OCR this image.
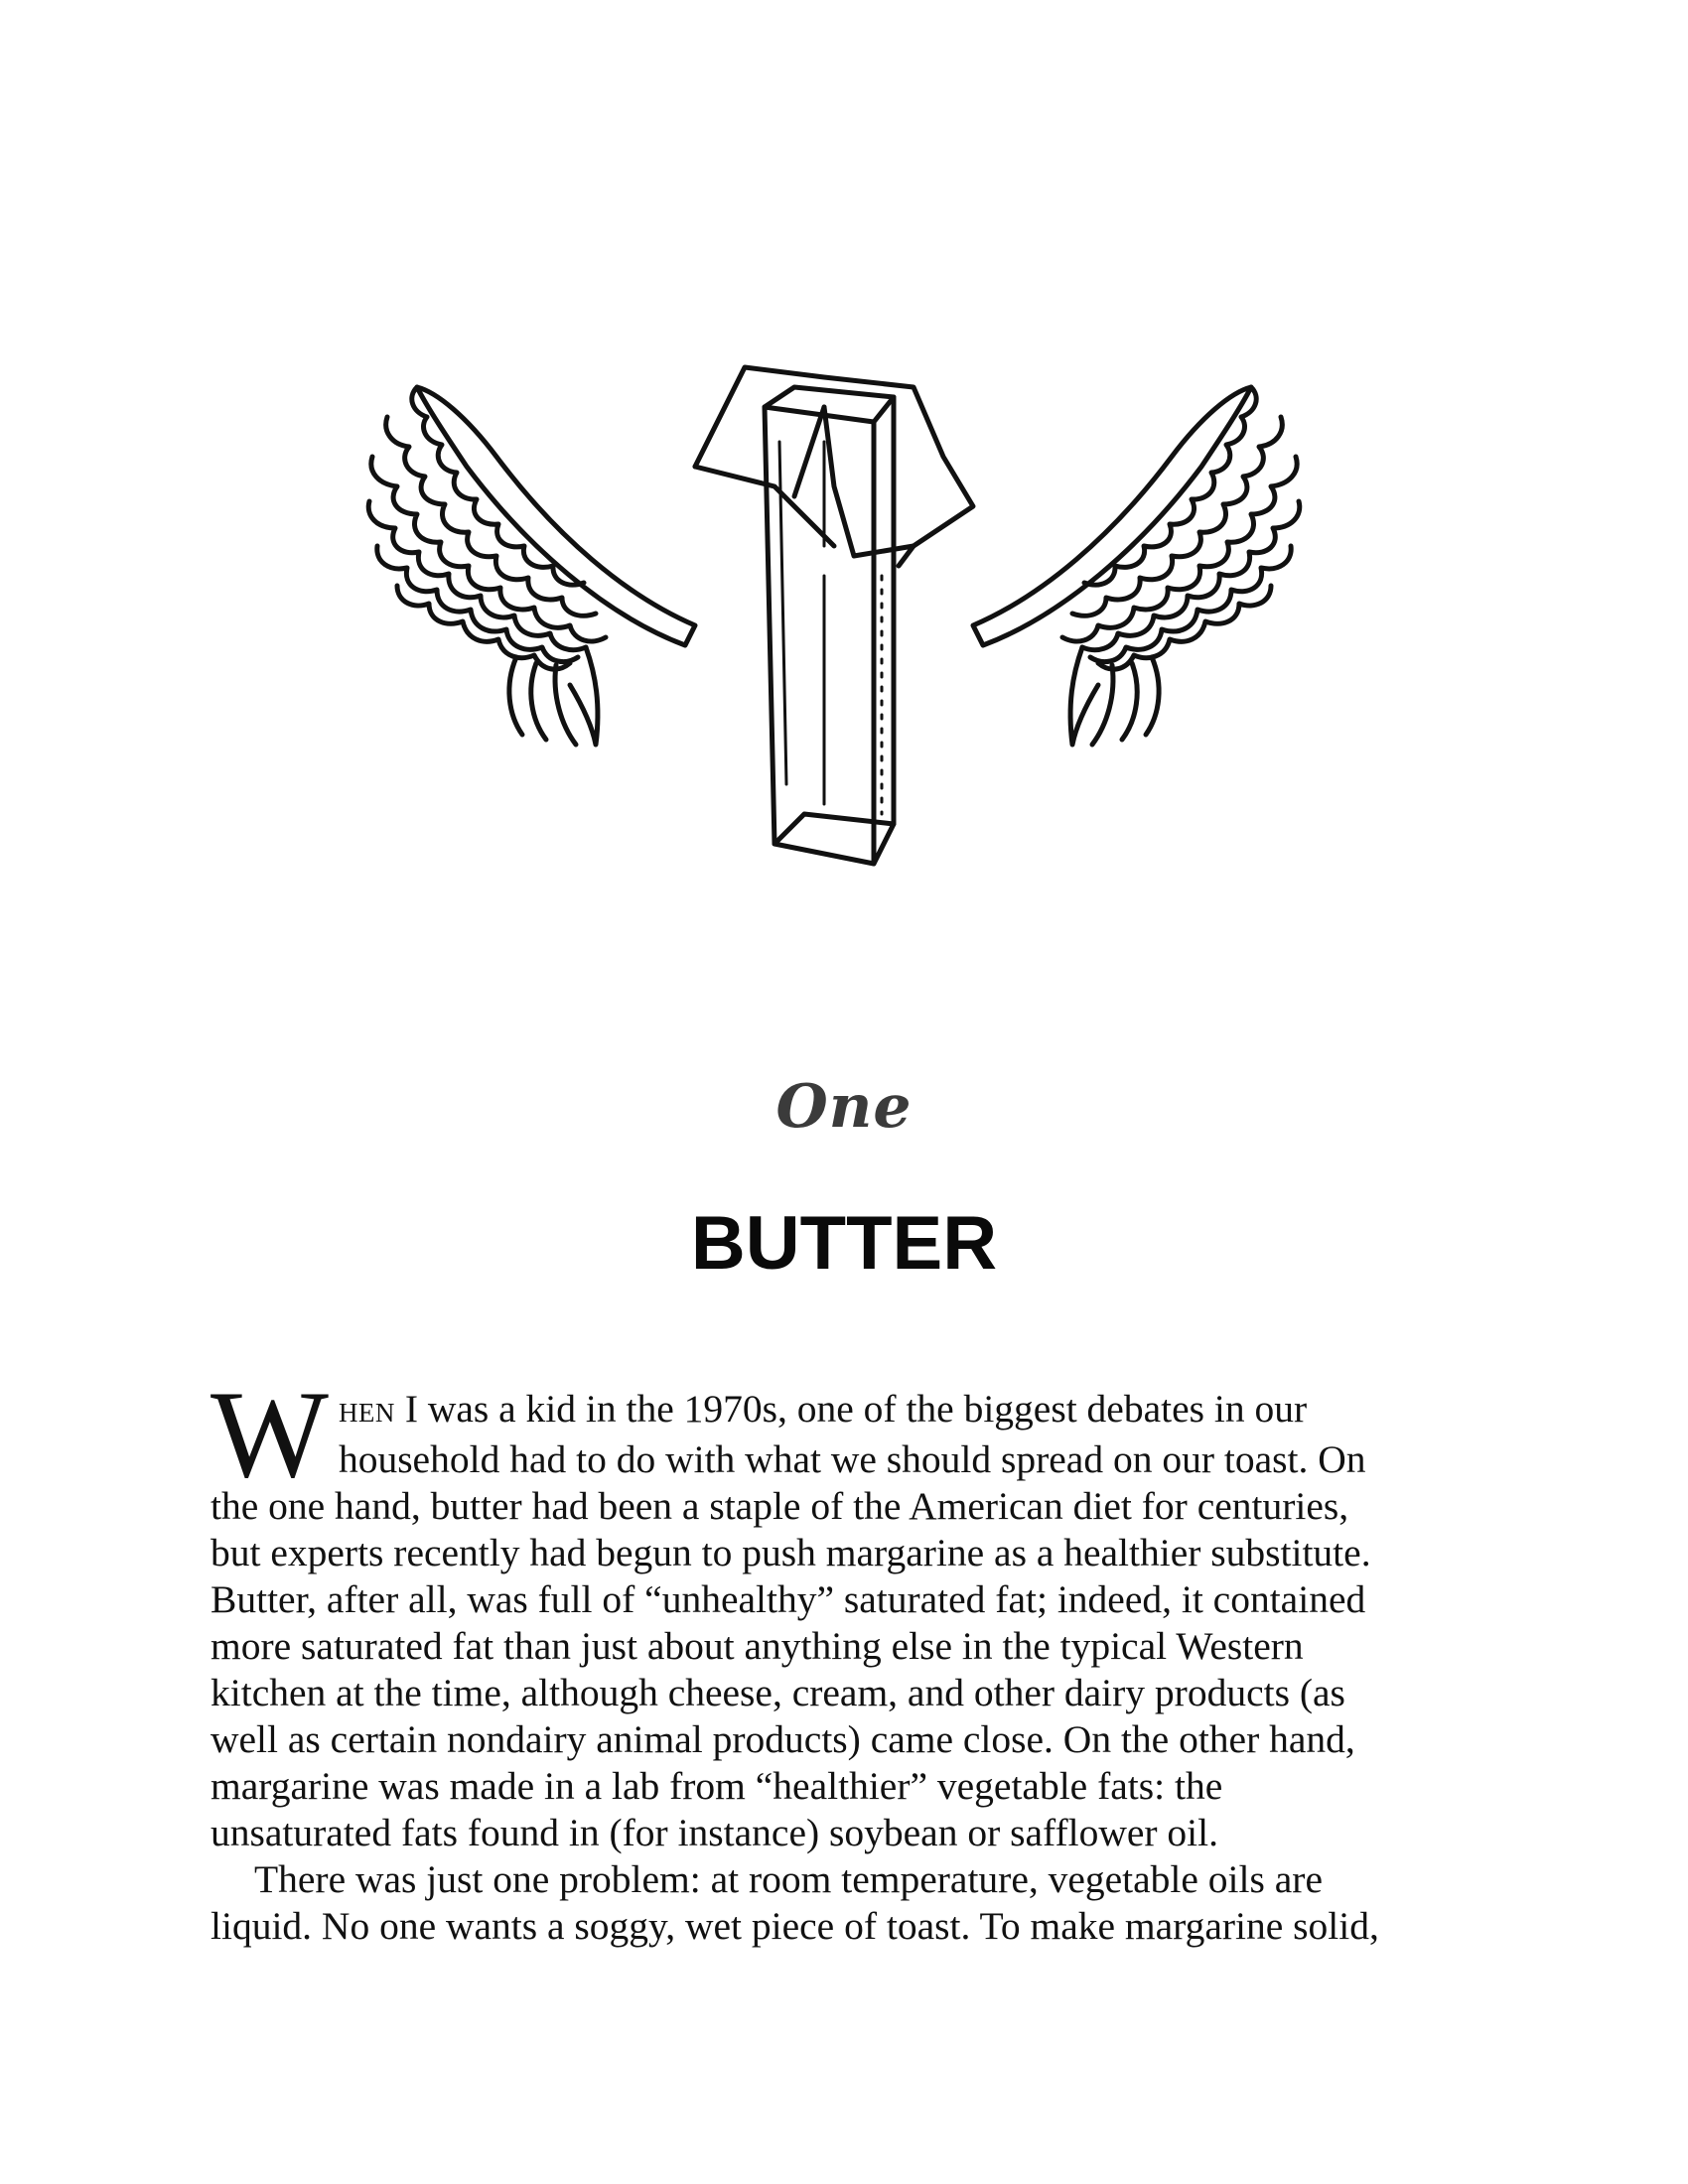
One
BUTTER
W HEN I was a kid in the 1970s, one of the biggest debates in our
household had to do with what we should spread on our toast. On
the one hand, butter had been a staple of the American diet for centuries,
but experts recently had begun to push margarine as a healthier substitute.
Butter, after all, was full of “unhealthy” saturated fat; indeed, it contained
more saturated fat than just about anything else in the typical Western
kitchen at the time, although cheese, cream, and other dairy products (as
well as certain nondairy animal products) came close. On the other hand,
margarine was made in a lab from “healthier” vegetable fats: the
unsaturated fats found in (for instance) soybean or safflower oil.
There was just one problem: at room temperature, vegetable oils are
liquid. No one wants a soggy, wet piece of toast. To make margarine solid,
